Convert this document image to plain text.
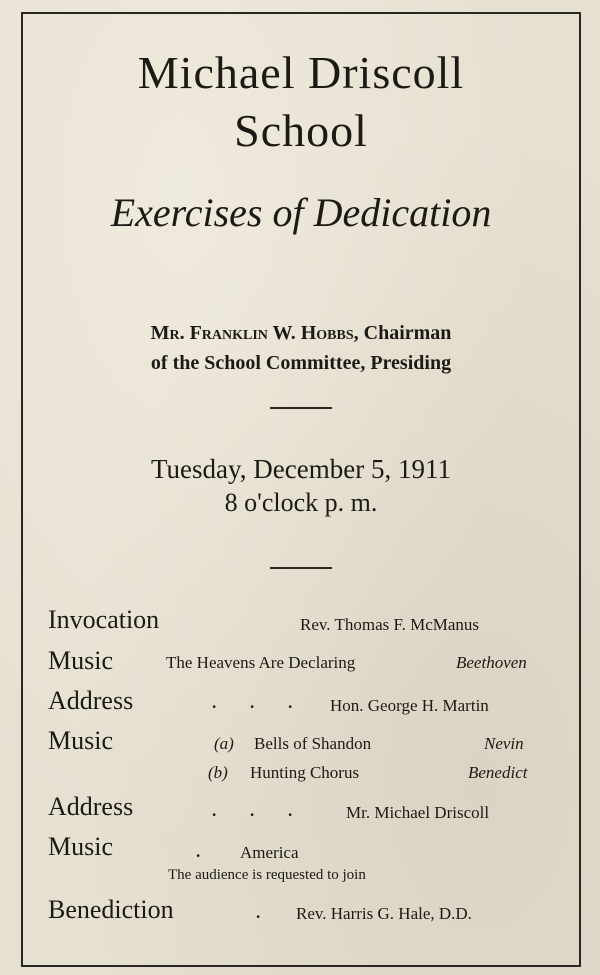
Michael Driscoll
School
Exercises of Dedication
Mr. Franklin W. Hobbs, Chairman
of the School Committee, Presiding
Tuesday, December 5, 1911
8 o'clock p. m.
Invocation	Rev. Thomas F. McManus
Music	The Heavens Are Declaring	Beethoven
Address	. . . Hon. George H. Martin
Music	(a) Bells of Shandon	Nevin
(b) Hunting Chorus	Benedict
Address	. . .	Mr. Michael Driscoll
Music	. America
The audience is requested to join
Benediction	. Rev. Harris G. Hale, D.D.
